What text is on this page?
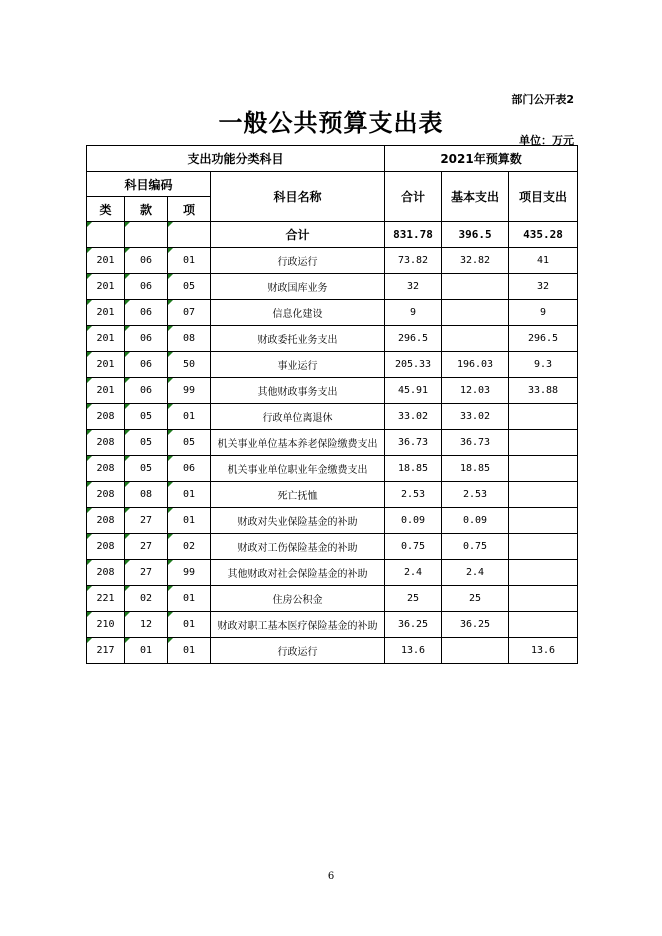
部门公开表2
一般公共预算支出表
单位：万元
支出功能分类科目				2021年预算数		
科目编码			科目名称	合计	基本支出	项目支出
类	款	项				
			合计	831.78	396.5	435.28
201	06	01	行政运行	73.82	32.82	41
201	06	05	财政国库业务	32		32
201	06	07	信息化建设	9		9
201	06	08	财政委托业务支出	296.5		296.5
201	06	50	事业运行	205.33	196.03	9.3
201	06	99	其他财政事务支出	45.91	12.03	33.88
208	05	01	行政单位离退休	33.02	33.02	
208	05	05	机关事业单位基本养老保险缴费支出	36.73	36.73	
208	05	06	机关事业单位职业年金缴费支出	18.85	18.85	
208	08	01	死亡抚恤	2.53	2.53	
208	27	01	财政对失业保险基金的补助	0.09	0.09	
208	27	02	财政对工伤保险基金的补助	0.75	0.75	
208	27	99	其他财政对社会保险基金的补助	2.4	2.4	
221	02	01	住房公积金	25	25	
210	12	01	财政对职工基本医疗保险基金的补助	36.25	36.25	
217	01	01	行政运行	13.6		13.6
6
